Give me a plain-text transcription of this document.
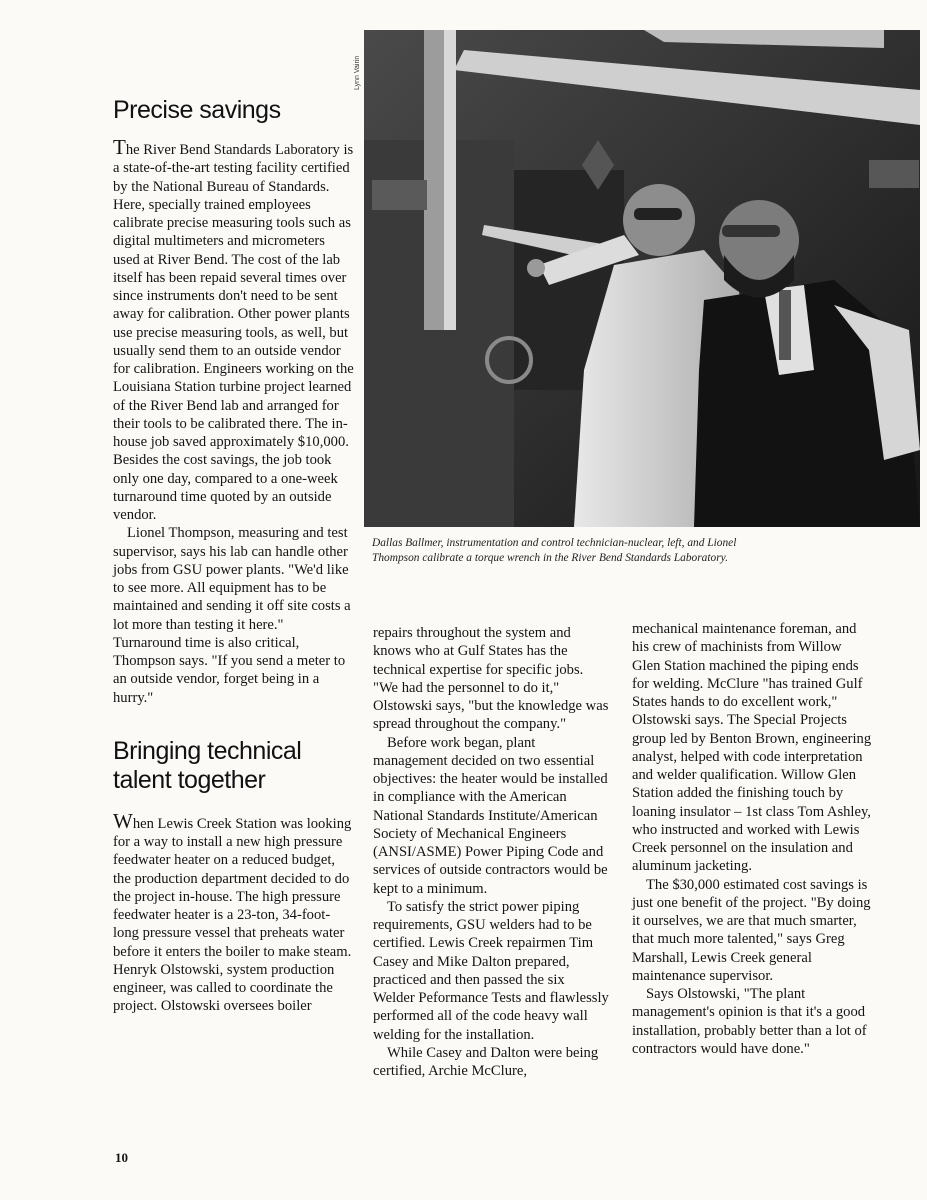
Lynn Vairin
Dallas Ballmer, instrumentation and control technician-nuclear, left, and Lionel Thompson calibrate a torque wrench in the River Bend Standards Laboratory.
Precise savings

The River Bend Standards Laboratory is a state-of-the-art testing facility certified by the National Bureau of Standards. Here, specially trained employees calibrate precise measuring tools such as digital multimeters and micrometers used at River Bend. The cost of the lab itself has been repaid several times over since instruments don't need to be sent away for calibration. Other power plants use precise measuring tools, as well, but usually send them to an outside vendor for calibration. Engineers working on the Louisiana Station turbine project learned of the River Bend lab and arranged for their tools to be calibrated there. The in-house job saved approximately $10,000. Besides the cost savings, the job took only one day, compared to a one-week turnaround time quoted by an outside vendor.

Lionel Thompson, measuring and test supervisor, says his lab can handle other jobs from GSU power plants. "We'd like to see more. All equipment has to be maintained and sending it off site costs a lot more than testing it here." Turnaround time is also critical, Thompson says. "If you send a meter to an outside vendor, forget being in a hurry."

Bringing technical
talent together

When Lewis Creek Station was looking for a way to install a new high pressure feedwater heater on a reduced budget, the production department decided to do the project in-house. The high pressure feedwater heater is a 23-ton, 34-foot-long pressure vessel that preheats water before it enters the boiler to make steam. Henryk Olstowski, system production engineer, was called to coordinate the project. Olstowski oversees boiler

repairs throughout the system and knows who at Gulf States has the technical expertise for specific jobs. "We had the personnel to do it," Olstowski says, "but the knowledge was spread throughout the company."

Before work began, plant management decided on two essential objectives: the heater would be installed in compliance with the American National Standards Institute/American Society of Mechanical Engineers (ANSI/ASME) Power Piping Code and services of outside contractors would be kept to a minimum.

To satisfy the strict power piping requirements, GSU welders had to be certified. Lewis Creek repairmen Tim Casey and Mike Dalton prepared, practiced and then passed the six Welder Peformance Tests and flawlessly performed all of the code heavy wall welding for the installation.

While Casey and Dalton were being certified, Archie McClure,

mechanical maintenance foreman, and his crew of machinists from Willow Glen Station machined the piping ends for welding. McClure "has trained Gulf States hands to do excellent work," Olstowski says. The Special Projects group led by Benton Brown, engineering analyst, helped with code interpretation and welder qualification. Willow Glen Station added the finishing touch by loaning insulator – 1st class Tom Ashley, who instructed and worked with Lewis Creek personnel on the insulation and aluminum jacketing.

The $30,000 estimated cost savings is just one benefit of the project. "By doing it ourselves, we are that much smarter, that much more talented," says Greg Marshall, Lewis Creek general maintenance supervisor.

Says Olstowski, "The plant management's opinion is that it's a good installation, probably better than a lot of contractors would have done."

10
